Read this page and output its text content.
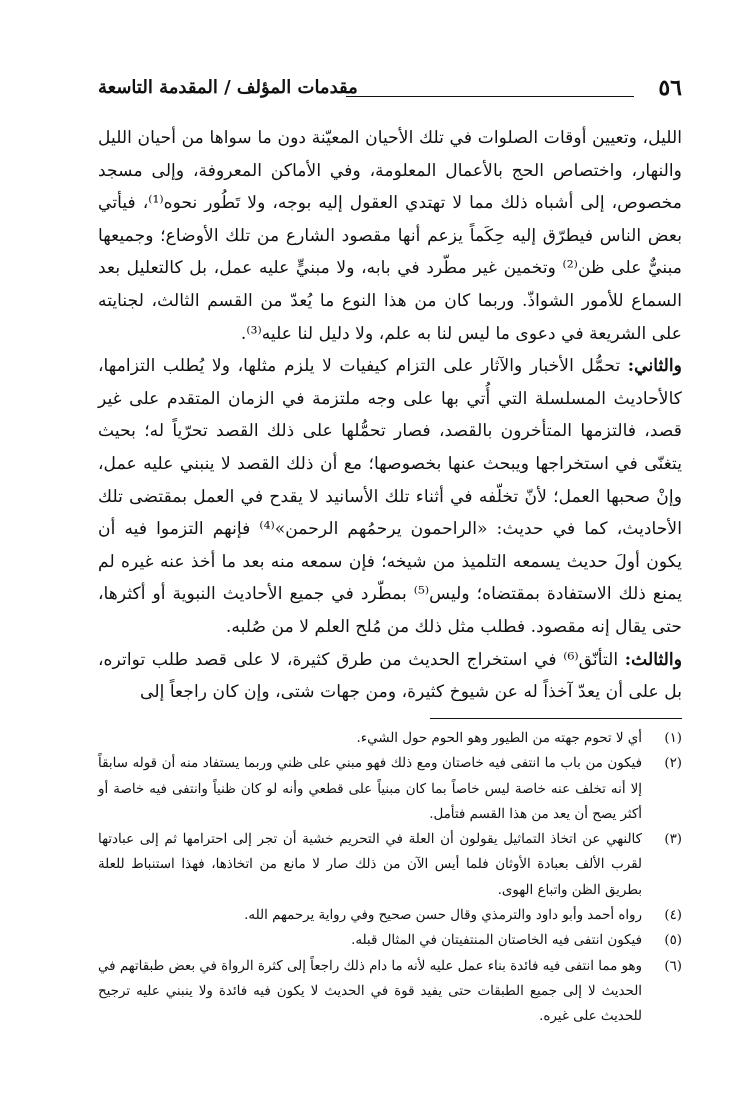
٥٦
مقدمات المؤلف / المقدمة التاسعة

الليل، وتعيين أوقات الصلوات في تلك الأحيان المعيّنة دون ما سواها من أحيان الليل والنهار، واختصاص الحج بالأعمال المعلومة، وفي الأماكن المعروفة، وإلى مسجد مخصوص، إلى أشباه ذلك مما لا تهتدي العقول إليه بوجه، ولا تَطُور نحوه⁽¹⁾، فيأتي بعض الناس فيطرّق إليه حِكَماً يزعم أنها مقصود الشارع من تلك الأوضاع؛ وجميعها مبنيٌّ على ظن⁽²⁾ وتخمين غير مطّرد في بابه، ولا مبنيٍّ عليه عمل، بل كالتعليل بعد السماع للأمور الشواذّ. وربما كان من هذا النوع ما يُعدّ من القسم الثالث، لجنايته على الشريعة في دعوى ما ليس لنا به علم، ولا دليل لنا عليه⁽³⁾.

والثاني: تحمُّل الأخبار والآثار على التزام كيفيات لا يلزم مثلها، ولا يُطلب التزامها، كالأحاديث المسلسلة التي أُتي بها على وجه ملتزمة في الزمان المتقدم على غير قصد، فالتزمها المتأخرون بالقصد، فصار تحمُّلها على ذلك القصد تحرّياً له؛ بحيث يتغنّى في استخراجها ويبحث عنها بخصوصها؛ مع أن ذلك القصد لا ينبني عليه عمل، وإنْ صحبها العمل؛ لأنّ تخلّفه في أثناء تلك الأسانيد لا يقدح في العمل بمقتضى تلك الأحاديث، كما في حديث: «الراحمون يرحمُهم الرحمن»⁽⁴⁾ فإنهم التزموا فيه أن يكون أولَ حديث يسمعه التلميذ من شيخه؛ فإن سمعه منه بعد ما أخذ عنه غيره لم يمنع ذلك الاستفادة بمقتضاه؛ وليس⁽⁵⁾ بمطّرد في جميع الأحاديث النبوية أو أكثرها، حتى يقال إنه مقصود. فطلب مثل ذلك من مُلح العلم لا من صُلبه.

والثالث: التأنّق⁽⁶⁾ في استخراج الحديث من طرق كثيرة، لا على قصد طلب تواتره، بل على أن يعدّ آخذاً له عن شيوخ كثيرة، ومن جهات شتى، وإن كان راجعاً إلى

(١)
أي لا تحوم جهته من الطيور وهو الحوم حول الشيء.
(٢)
فيكون من باب ما انتفى فيه خاصتان ومع ذلك فهو مبني على ظني وربما يستفاد منه أن قوله سابقاً إلا أنه تخلف عنه خاصة ليس خاصاً بما كان مبنياً على قطعي وأنه لو كان ظنياً وانتفى فيه خاصة أو أكثر يصح أن يعد من هذا القسم فتأمل.
(٣)
كالنهي عن اتخاذ التماثيل يقولون أن العلة في التحريم خشية أن تجر إلى احترامها ثم إلى عبادتها لقرب الألف بعبادة الأوثان فلما أيس الآن من ذلك صار لا مانع من اتخاذها، فهذا استنباط للعلة بطريق الظن واتباع الهوى.
(٤)
رواه أحمد وأبو داود والترمذي وقال حسن صحيح وفي رواية يرحمهم الله.
(٥)
فيكون انتفى فيه الخاصتان المنتفيتان في المثال قبله.
(٦)
وهو مما انتفى فيه فائدة بناء عمل عليه لأنه ما دام ذلك راجعاً إلى كثرة الرواة في بعض طبقاتهم في الحديث لا إلى جميع الطبقات حتى يفيد قوة في الحديث لا يكون فيه فائدة ولا ينبني عليه ترجيح للحديث على غيره.
